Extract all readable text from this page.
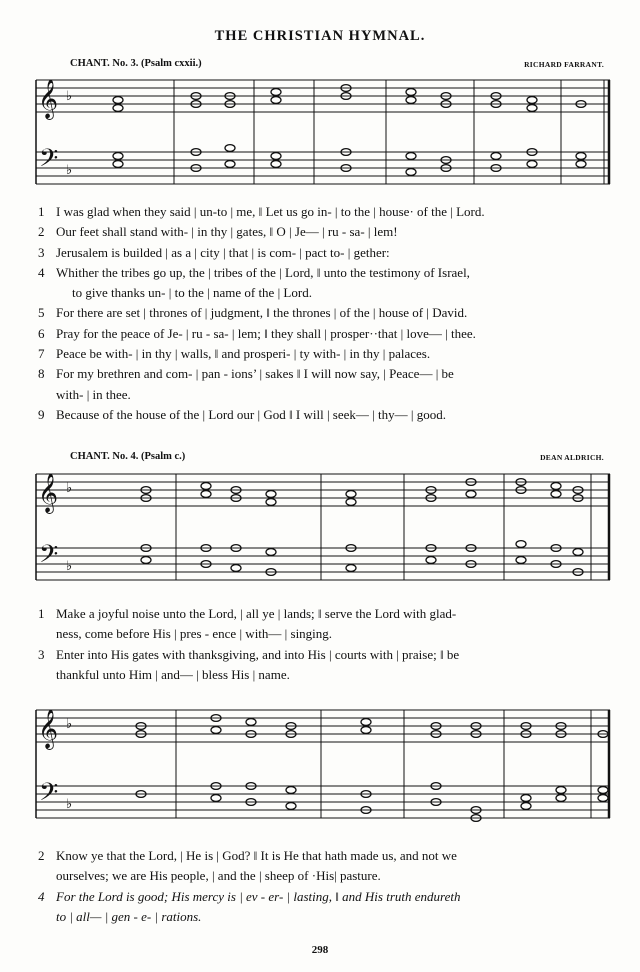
THE CHRISTIAN HYMNAL.
CHANT. No. 3. (Psalm cxxii.)	RICHARD FARRANT.
𝄞
𝄢
♭
♭
1 I was glad when they said | un-to | me, ‖ Let us go in- | to the | house· of the | Lord.
2 Our feet shall stand with- | in thy | gates, ‖ O | Je— | ru - sa- | lem!
3 Jerusalem is builded | as a | city | that | is com- | pact to- | gether:
4 Whither the tribes go up, the | tribes of the | Lord, ‖ unto the testimony of Israel,
to give thanks un- | to the | name of the | Lord.
5 For there are set | thrones of | judgment, ‖ the thrones | of the | house of | David.
6 Pray for the peace of Je- | ru - sa- | lem; ‖ they shall | prosper··that | love— | thee.
7 Peace be with- | in thy | walls, ‖ and prosperi- | ty with- | in thy | palaces.
8 For my brethren and com- | pan - ions’ | sakes ‖ I will now say, | Peace— | be
with- | in thee.
9 Because of the house of the | Lord our | God ‖ I will | seek— | thy— | good.
CHANT. No. 4. (Psalm c.)	DEAN ALDRICH.
𝄞
𝄢
♭
♭
1 Make a joyful noise unto the Lord, | all ye | lands; ‖ serve the Lord with glad-
ness, come before His | pres - ence | with— | singing.
3 Enter into His gates with thanksgiving, and into His | courts with | praise; ‖ be
thankful unto Him | and— | bless His | name.
𝄞
𝄢
♭
♭
2 Know ye that the Lord, | He is | God? ‖ It is He that hath made us, and not we
ourselves; we are His people, | and the | sheep of ·His| pasture.
4 For the Lord is good; His mercy is | ev - er- | lasting, ‖ and His truth endureth
to | all— | gen - e- | rations.
298
